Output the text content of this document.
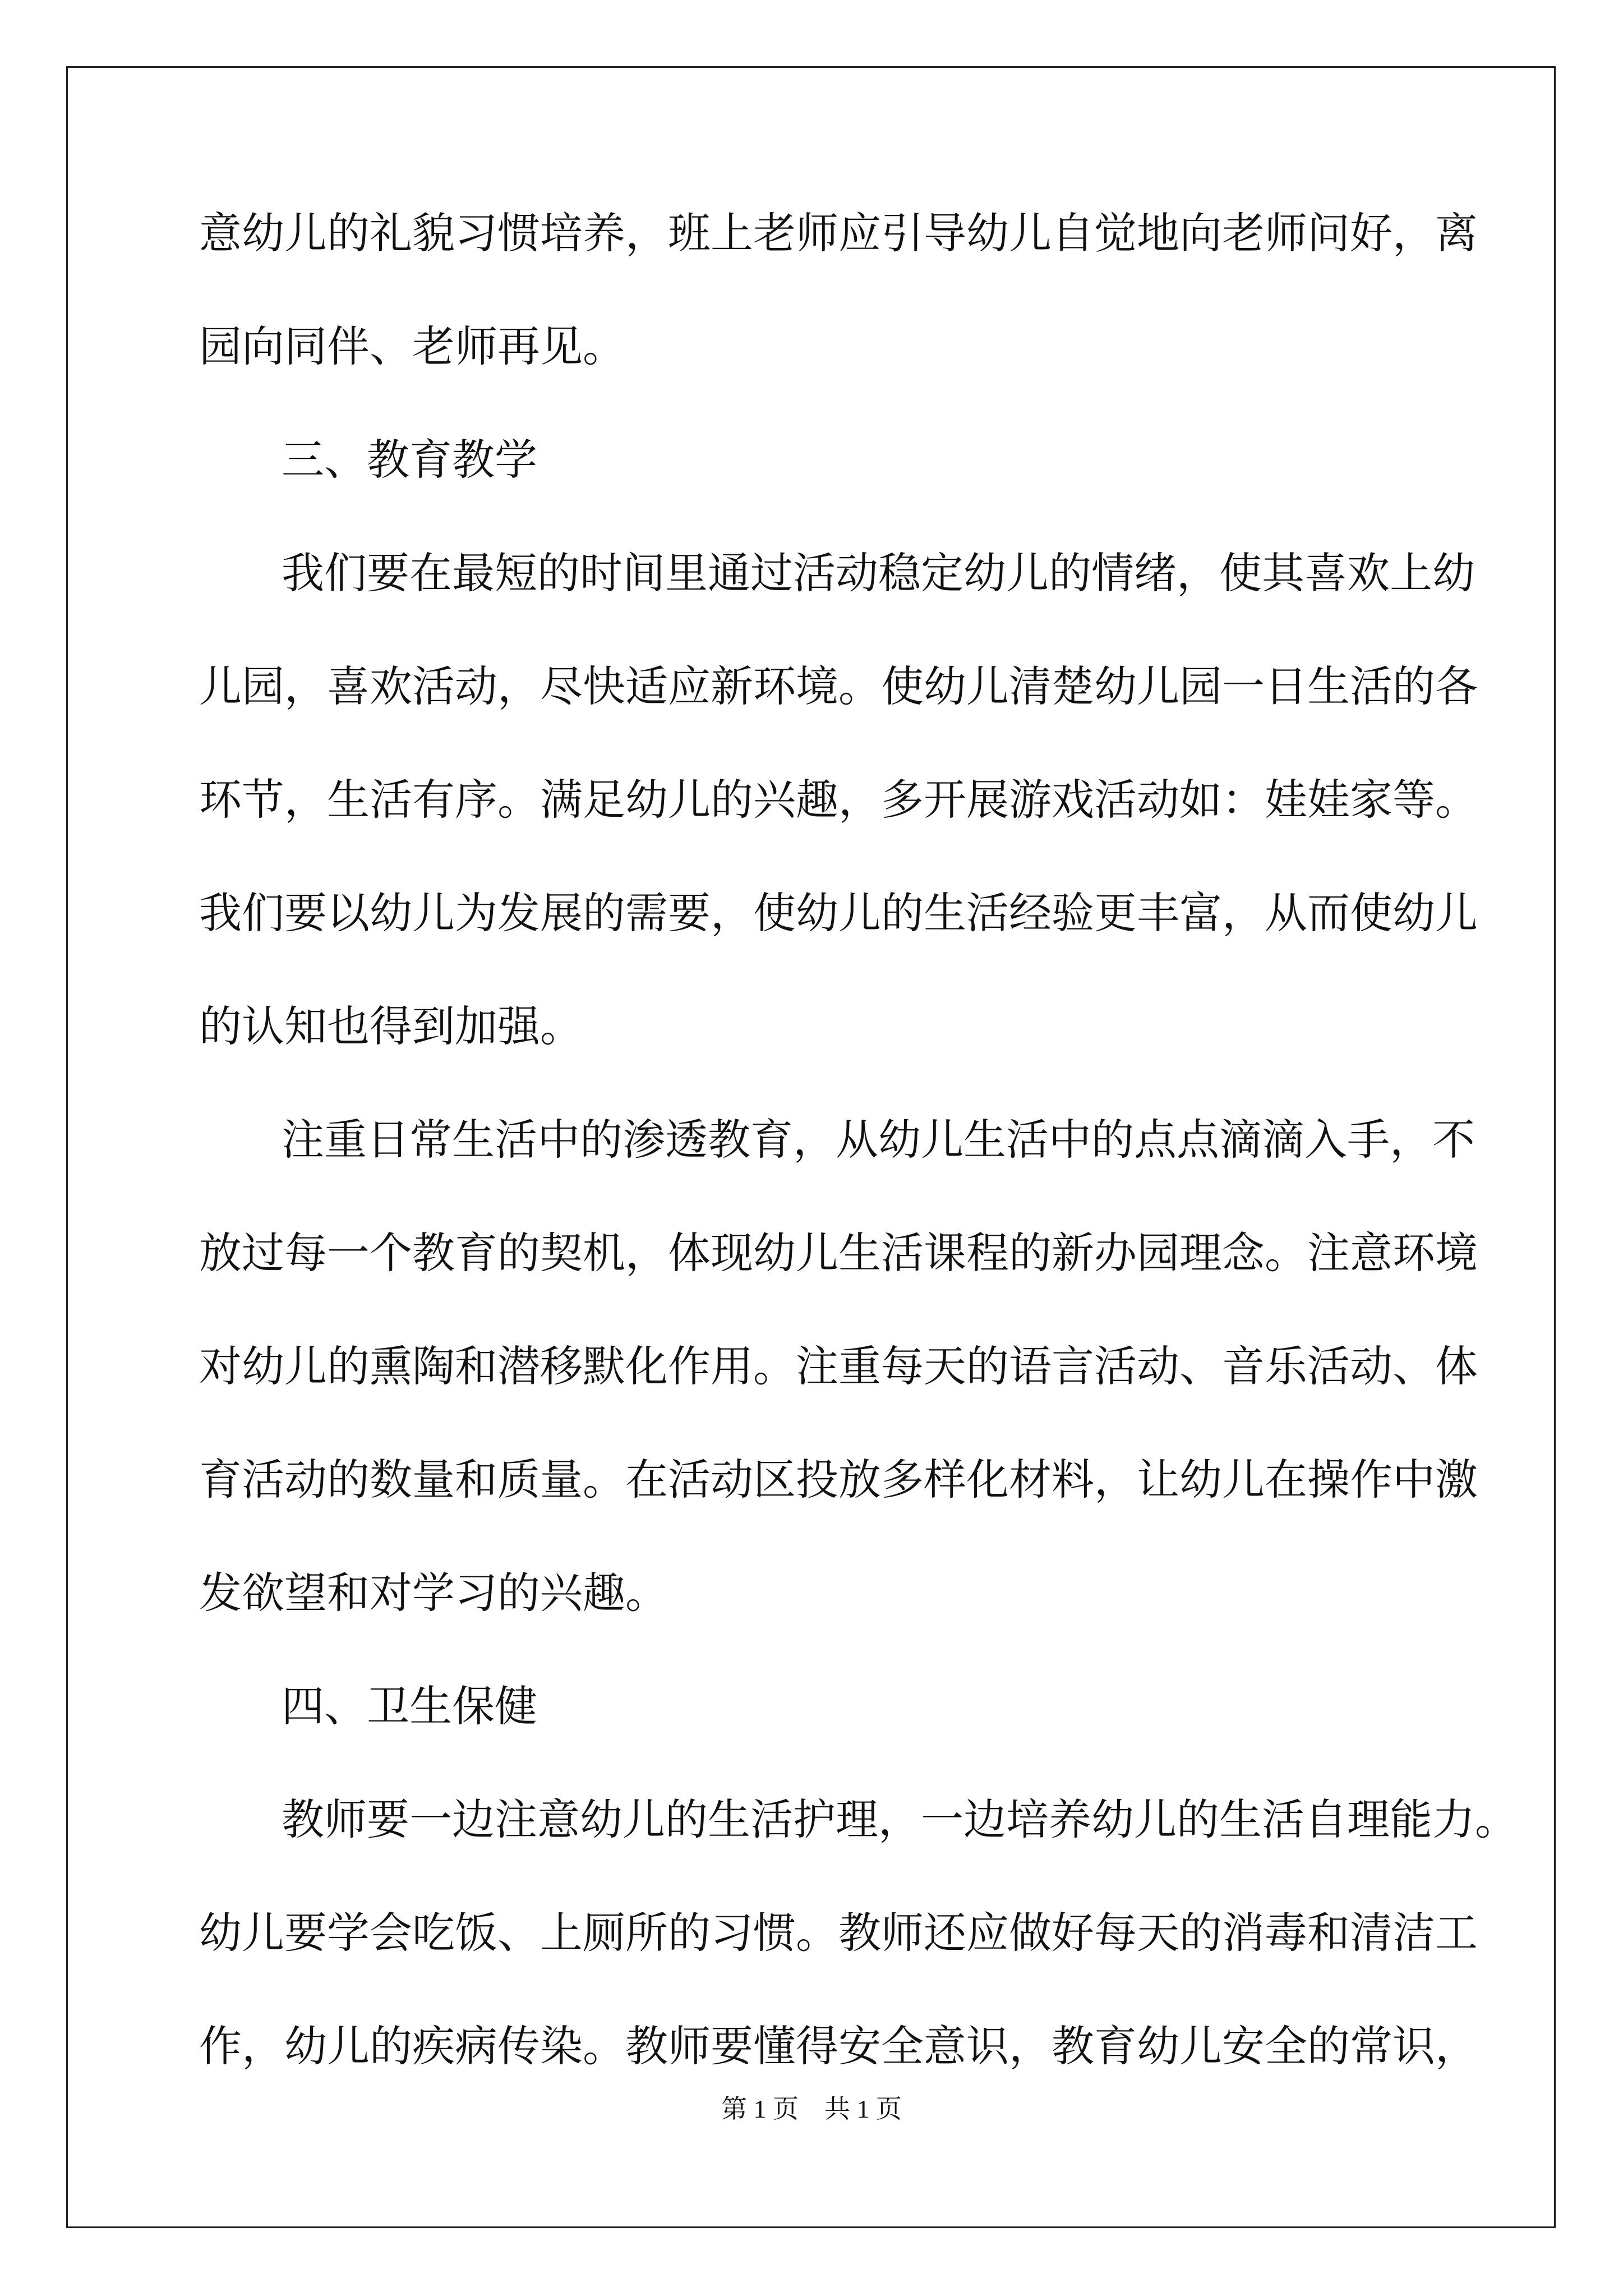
意幼儿的礼貌习惯培养，班上老师应引导幼儿自觉地向老师问好，离
园向同伴、老师再见。
三、教育教学
我们要在最短的时间里通过活动稳定幼儿的情绪，使其喜欢上幼
儿园，喜欢活动，尽快适应新环境。使幼儿清楚幼儿园一日生活的各
环节，生活有序。满足幼儿的兴趣，多开展游戏活动如：娃娃家等。
我们要以幼儿为发展的需要，使幼儿的生活经验更丰富，从而使幼儿
的认知也得到加强。
注重日常生活中的渗透教育，从幼儿生活中的点点滴滴入手，不
放过每一个教育的契机，体现幼儿生活课程的新办园理念。注意环境
对幼儿的熏陶和潜移默化作用。注重每天的语言活动、音乐活动、体
育活动的数量和质量。在活动区投放多样化材料，让幼儿在操作中激
发欲望和对学习的兴趣。
四、卫生保健
教师要一边注意幼儿的生活护理，一边培养幼儿的生活自理能力。
幼儿要学会吃饭、上厕所的习惯。教师还应做好每天的消毒和清洁工
作，幼儿的疾病传染。教师要懂得安全意识，教育幼儿安全的常识，
第 1 页　共 1 页
